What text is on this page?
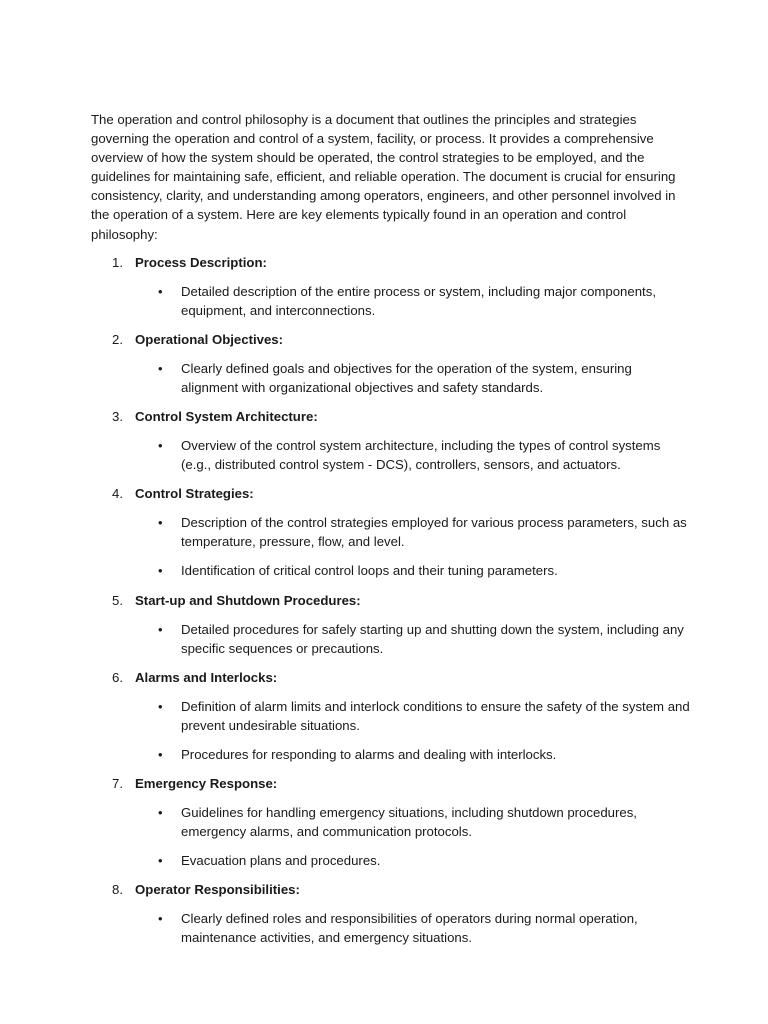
The operation and control philosophy is a document that outlines the principles and strategies governing the operation and control of a system, facility, or process. It provides a comprehensive overview of how the system should be operated, the control strategies to be employed, and the guidelines for maintaining safe, efficient, and reliable operation. The document is crucial for ensuring consistency, clarity, and understanding among operators, engineers, and other personnel involved in the operation of a system. Here are key elements typically found in an operation and control philosophy:

1. Process Description:
• Detailed description of the entire process or system, including major components, equipment, and interconnections.
2. Operational Objectives:
• Clearly defined goals and objectives for the operation of the system, ensuring alignment with organizational objectives and safety standards.
3. Control System Architecture:
• Overview of the control system architecture, including the types of control systems (e.g., distributed control system - DCS), controllers, sensors, and actuators.
4. Control Strategies:
• Description of the control strategies employed for various process parameters, such as temperature, pressure, flow, and level.
• Identification of critical control loops and their tuning parameters.
5. Start-up and Shutdown Procedures:
• Detailed procedures for safely starting up and shutting down the system, including any specific sequences or precautions.
6. Alarms and Interlocks:
• Definition of alarm limits and interlock conditions to ensure the safety of the system and prevent undesirable situations.
• Procedures for responding to alarms and dealing with interlocks.
7. Emergency Response:
• Guidelines for handling emergency situations, including shutdown procedures, emergency alarms, and communication protocols.
• Evacuation plans and procedures.
8. Operator Responsibilities:
• Clearly defined roles and responsibilities of operators during normal operation, maintenance activities, and emergency situations.
